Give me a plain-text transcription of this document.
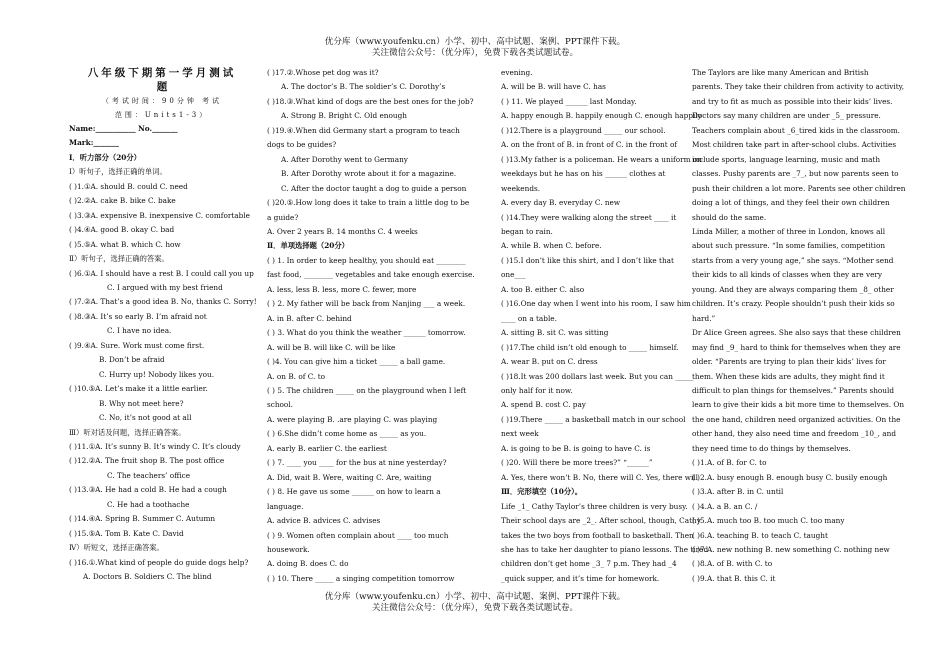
优分库（www.youfenku.cn）小学、初中、高中试题、案例、PPT课件下载。
关注微信公众号：（优分库），免费下载各类试题试卷。
八年级下期第一学月测试
题
（考试时间：90分钟 考试
范围：Units1-3）
Name:___________ No._______
Mark:_______
Ⅰ．听力部分（20分）
Ⅰ）听句子，选择正确的单词。
( )1.①A. should B. could C. need
( )2.②A. cake B. bike C. bake
( )3.③A. expensive B. inexpensive C. comfortable
( )4.④A. good B. okay C. bad
( )5.⑤A. what B. which C. how
Ⅱ）听句子，选择正确的答案。
( )6.①A. I should have a rest B. I could call you up
C. I argued with my best friend
( )7.②A. That’s a good idea B. No, thanks C. Sorry!
( )8.③A. It’s so early B. I’m afraid not
C. I have no idea.
( )9.④A. Sure. Work must come first.
B. Don’t be afraid
C. Hurry up! Nobody likes you.
( )10.⑤A. Let’s make it a little earlier.
B. Why not meet here?
C. No, it’s not good at all
Ⅲ）听对话及问题，选择正确答案。
( )11.①A. It’s sunny B. It’s windy C. It’s cloudy
( )12.②A. The fruit shop B. The post office
C. The teachers’ office
( )13.③A. He had a cold B. He had a cough
C. He had a toothache
( )14.④A. Spring B. Summer C. Autumn
( )15.⑤A. Tom B. Kate C. David
Ⅳ）听短文，选择正确答案。
( )16.①.What kind of people do guide dogs help?
A. Doctors B. Soldiers C. The blind
( )17.②.Whose pet dog was it?
A. The doctor’s B. The soldier’s C. Dorothy’s
( )18.③.What kind of dogs are the best ones for the job?
A. Strong B. Bright C. Old enough
( )19.④.When did Germany start a program to teach
dogs to be guides?
A. After Dorothy went to Germany
B. After Dorothy wrote about it for a magazine.
C. After the doctor taught a dog to guide a person
( )20.⑤.How long does it take to train a little dog to be
a guide?
A. Over 2 years B. 14 months C. 4 weeks
Ⅱ．单项选择题（20分）
( ) 1. In order to keep healthy, you should eat ________
fast food, ________ vegetables and take enough exercise.
A. less, less B. less, more C. fewer, more
( ) 2. My father will be back from Nanjing ___ a week.
A. in B. after C. behind
( ) 3. What do you think the weather ______ tomorrow.
A. will be B. will like C. will be like
( )4. You can give him a ticket _____ a ball game.
A. on B. of C. to
( ) 5. The children _____ on the playground when I left
school.
A. were playing B. .are playing C. was playing
( ) 6.She didn’t come home as _____ as you.
A. early B. earlier C. the earliest
( ) 7. ____ you ____ for the bus at nine yesterday?
A. Did, wait B. Were, waiting C. Are, waiting
( ) 8. He gave us some ______ on how to learn a
language.
A. advice B. advices C. advises
( ) 9. Women often complain about ____ too much
housework.
A. doing B. does C. do
( ) 10. There _____ a singing competition tomorrow
evening.
A. will be B. will have C. has
( ) 11. We played ______ last Monday.
A. happy enough B. happily enough C. enough happily
( )12.There is a playground _____ our school.
A. on the front of B. in front of C. in the front of
( )13.My father is a policeman. He wears a uniform on
weekdays but he has on his ______ clothes at
weekends.
A. every day B. everyday C. new
( )14.They were walking along the street ____ it
began to rain.
A. while B. when C. before.
( )15.I don’t like this shirt, and I don’t like that
one___
A. too B. either C. also
( )16.One day when I went into his room, I saw him
____ on a table.
A. sitting B. sit C. was sitting
( )17.The child isn’t old enough to _____ himself.
A. wear B. put on C. dress
( )18.It was 200 dollars last week. But you can _____
only half for it now.
A. spend B. cost C. pay
( )19.There _____ a basketball match in our school
next week
A. is going to be B. is going to have C. is
( )20. Will there be more trees?” “______”
A. Yes, there won’t B. No, there will C. Yes, there will
Ⅲ．完形填空（10分）。
Life _1_ Cathy Taylor’s three children is very busy.
Their school days are _2_. After school, though, Cathy
takes the two boys from football to basketball. Then
she has to take her daughter to piano lessons. The tired
children don’t get home _3_ 7 p.m. They had _4
_quick supper, and it’s time for homework.
The Taylors are like many American and British
parents. They take their children from activity to activity,
and try to fit as much as possible into their kids’ lives.
Doctors say many children are under _5_ pressure.
Teachers complain about _6_tired kids in the classroom.
Most children take part in after-school clubs. Activities
include sports, language learning, music and math
classes. Pushy parents are _7_, but now parents seen to
push their children a lot more. Parents see other children
doing a lot of things, and they feel their own children
should do the same.
Linda Miller, a mother of three in London, knows all
about such pressure. “In some families, competition
starts from a very young age,” she says. “Mother send
their kids to all kinds of classes when they are very
young. And they are always comparing them _8_ other
children. It’s crazy. People shouldn’t push their kids so
hard.”
Dr Alice Green agrees. She also says that these children
may find _9_ hard to think for themselves when they are
older. “Parents are trying to plan their kids’ lives for
them. When these kids are adults, they might find it
difficult to plan things for themselves.” Parents should
learn to give their kids a bit more time to themselves. On
the one hand, children need organized activities. On the
other hand, they also need time and freedom _10_, and
they need time to do things by themselves.
( )1.A. of B. for C. to
( )2.A. busy enough B. enough busy C. busily enough
( )3.A. after B. in C. until
( )4.A. a B. an C. /
( )5.A. much too B. too much C. too many
( )6.A. teaching B. to teach C. taught
( )7.A. new nothing B. new something C. nothing new
( )8.A. of B. with C. to
( )9.A. that B. this C. it
优分库（www.youfenku.cn）小学、初中、高中试题、案例、PPT课件下载。
关注微信公众号：（优分库），免费下载各类试题试卷。
